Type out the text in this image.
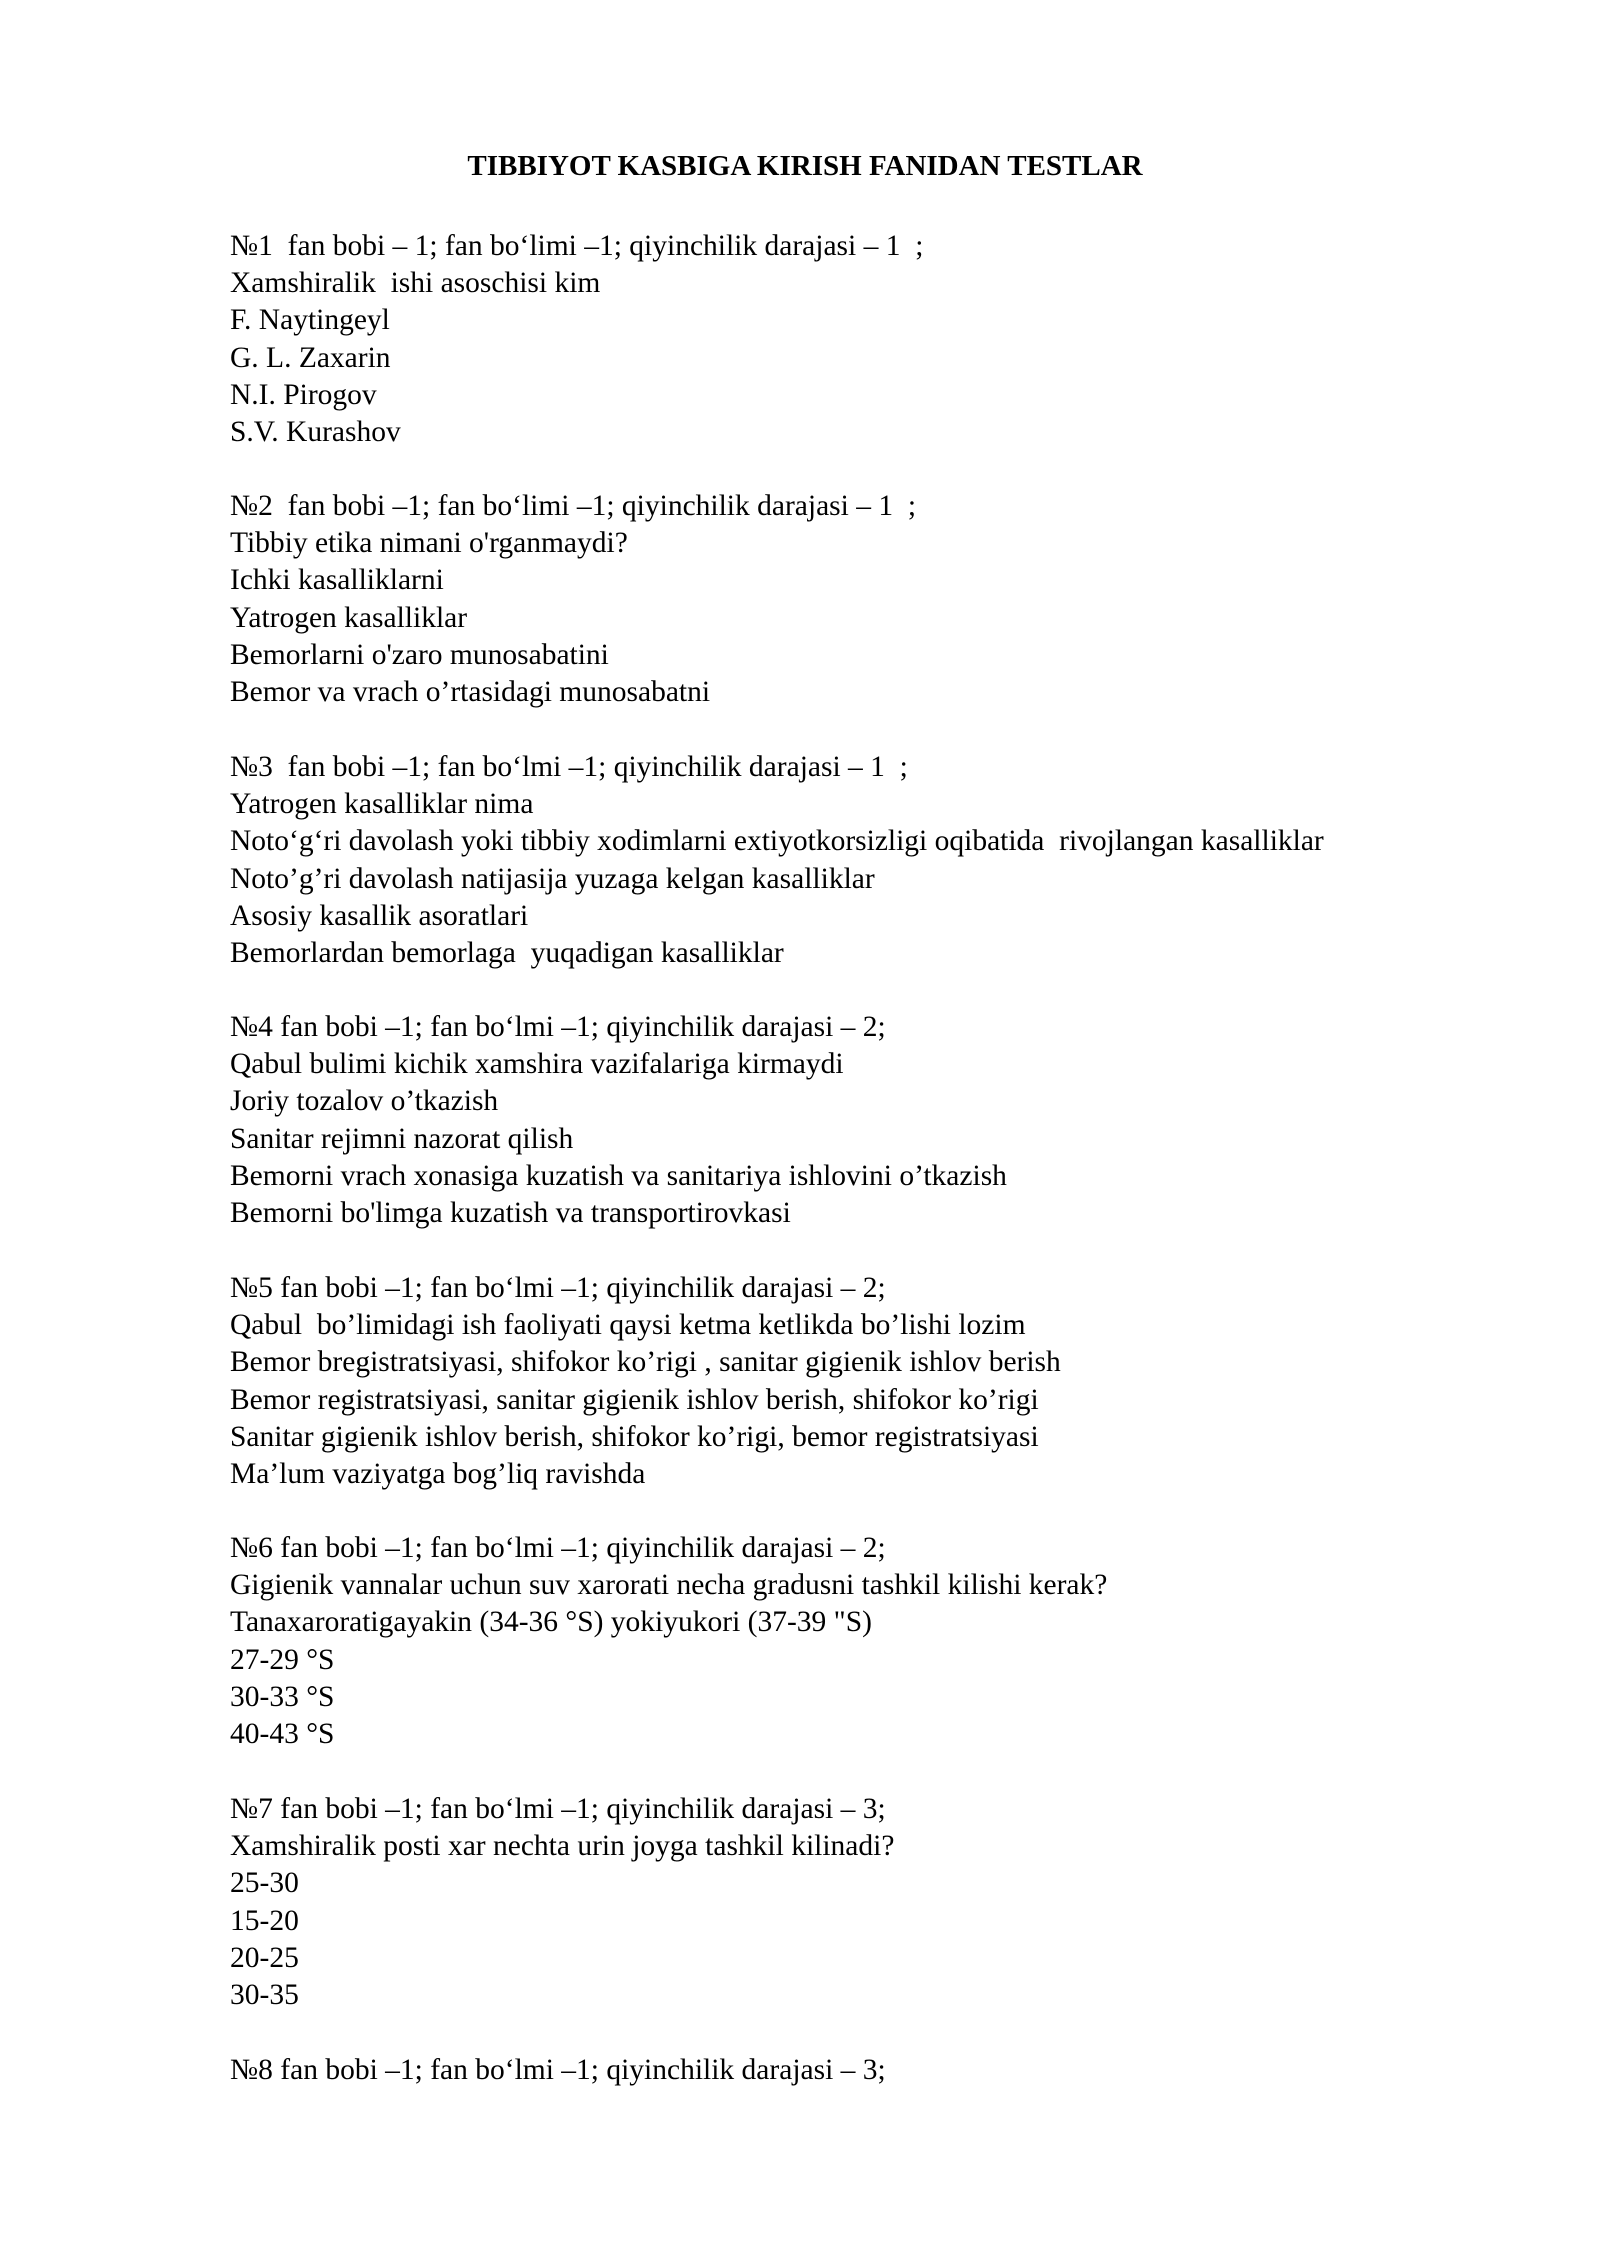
TIBBIYOT KASBIGA KIRISH FANIDAN TESTLAR
№1  fan bobi – 1; fan bo‘limi –1; qiyinchilik darajasi – 1  ;
Xamshiralik  ishi asoschisi kim
F. Naytingeyl
G. L. Zaxarin
N.I. Pirogov
S.V. Kurashov
№2  fan bobi –1; fan bo‘limi –1; qiyinchilik darajasi – 1  ;
Tibbiy etika nimani o'rganmaydi?
Ichki kasalliklarni
Yatrogen kasalliklar
Bemorlarni o'zaro munosabatini
Bemor va vrach o’rtasidagi munosabatni
№3  fan bobi –1; fan bo‘lmi –1; qiyinchilik darajasi – 1  ;
Yatrogen kasalliklar nima
Noto‘g‘ri davolash yoki tibbiy xodimlarni extiyotkorsizligi oqibatida  rivojlangan kasalliklar
Noto’g’ri davolash natijasija yuzaga kelgan kasalliklar
Asosiy kasallik asoratlari
Bemorlardan bemorlaga  yuqadigan kasalliklar
№4 fan bobi –1; fan bo‘lmi –1; qiyinchilik darajasi – 2;
Qabul bulimi kichik xamshira vazifalariga kirmaydi
Joriy tozalov o’tkazish
Sanitar rejimni nazorat qilish
Bemorni vrach xonasiga kuzatish va sanitariya ishlovini o’tkazish
Bemorni bo'limga kuzatish va transportirovkasi
№5 fan bobi –1; fan bo‘lmi –1; qiyinchilik darajasi – 2;
Qabul  bo’limidagi ish faoliyati qaysi ketma ketlikda bo’lishi lozim
Bemor bregistratsiyasi, shifokor ko’rigi , sanitar gigienik ishlov berish
Bemor registratsiyasi, sanitar gigienik ishlov berish, shifokor ko’rigi
Sanitar gigienik ishlov berish, shifokor ko’rigi, bemor registratsiyasi
Ma’lum vaziyatga bog’liq ravishda
№6 fan bobi –1; fan bo‘lmi –1; qiyinchilik darajasi – 2;
Gigienik vannalar uchun suv xarorati necha gradusni tashkil kilishi kerak?
Tanaxaroratigayakin (34-36 °S) yokiyukori (37-39 "S)
27-29 °S
30-33 °S
40-43 °S
№7 fan bobi –1; fan bo‘lmi –1; qiyinchilik darajasi – 3;
Xamshiralik posti xar nechta urin joyga tashkil kilinadi?
25-30
15-20
20-25
30-35
№8 fan bobi –1; fan bo‘lmi –1; qiyinchilik darajasi – 3;
